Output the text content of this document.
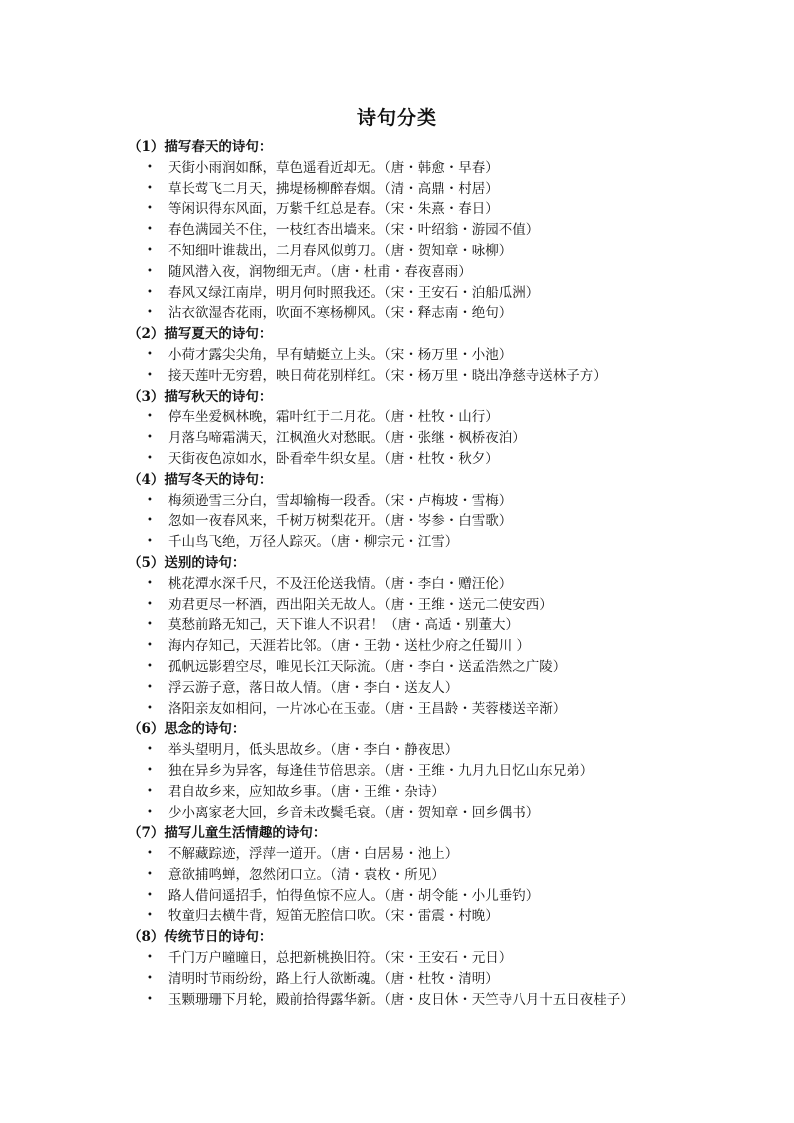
诗句分类
（1）描写春天的诗句：
• 天街小雨润如酥，草色遥看近却无。（唐・韩愈・早春）
• 草长莺飞二月天，拂堤杨柳醉春烟。（清・高鼎・村居）
• 等闲识得东风面，万紫千红总是春。（宋・朱熹・春日）
• 春色满园关不住，一枝红杏出墙来。（宋・叶绍翁・游园不值）
• 不知细叶谁裁出，二月春风似剪刀。（唐・贺知章・咏柳）
• 随风潜入夜，润物细无声。（唐・杜甫・春夜喜雨）
• 春风又绿江南岸，明月何时照我还。（宋・王安石・泊船瓜洲）
• 沾衣欲湿杏花雨，吹面不寒杨柳风。（宋・释志南・绝句）
（2）描写夏天的诗句：
• 小荷才露尖尖角，早有蜻蜓立上头。（宋・杨万里・小池）
• 接天莲叶无穷碧，映日荷花别样红。（宋・杨万里・晓出净慈寺送林子方）
（3）描写秋天的诗句：
• 停车坐爱枫林晚，霜叶红于二月花。（唐・杜牧・山行）
• 月落乌啼霜满天，江枫渔火对愁眠。（唐・张继・枫桥夜泊）
• 天街夜色凉如水，卧看牵牛织女星。（唐・杜牧・秋夕）
（4）描写冬天的诗句：
• 梅须逊雪三分白，雪却输梅一段香。（宋・卢梅坡・雪梅）
• 忽如一夜春风来，千树万树梨花开。（唐・岑参・白雪歌）
• 千山鸟飞绝，万径人踪灭。（唐・柳宗元・江雪）
（5）送别的诗句：
• 桃花潭水深千尺，不及汪伦送我情。（唐・李白・赠汪伦）
• 劝君更尽一杯酒，西出阳关无故人。（唐・王维・送元二使安西）
• 莫愁前路无知己，天下谁人不识君！（唐・高适・别董大）
• 海内存知己，天涯若比邻。（唐・王勃・送杜少府之任蜀川 ）
• 孤帆远影碧空尽，唯见长江天际流。（唐・李白・送孟浩然之广陵）
• 浮云游子意，落日故人情。（唐・李白・送友人）
• 洛阳亲友如相问，一片冰心在玉壶。（唐・王昌龄・芙蓉楼送辛渐）
（6）思念的诗句：
• 举头望明月，低头思故乡。（唐・李白・静夜思）
• 独在异乡为异客，每逢佳节倍思亲。（唐・王维・九月九日忆山东兄弟）
• 君自故乡来，应知故乡事。（唐・王维・杂诗）
• 少小离家老大回，乡音未改鬓毛衰。（唐・贺知章・回乡偶书）
（7）描写儿童生活情趣的诗句：
• 不解藏踪迹，浮萍一道开。（唐・白居易・池上）
• 意欲捕鸣蝉，忽然闭口立。（清・袁枚・所见）
• 路人借问遥招手，怕得鱼惊不应人。（唐・胡令能・小儿垂钓）
• 牧童归去横牛背，短笛无腔信口吹。（宋・雷震・村晚）
（8）传统节日的诗句：
• 千门万户曈曈日，总把新桃换旧符。（宋・王安石・元日）
• 清明时节雨纷纷，路上行人欲断魂。（唐・杜牧・清明）
• 玉颗珊珊下月轮，殿前拾得露华新。（唐・皮日休・天竺寺八月十五日夜桂子）
